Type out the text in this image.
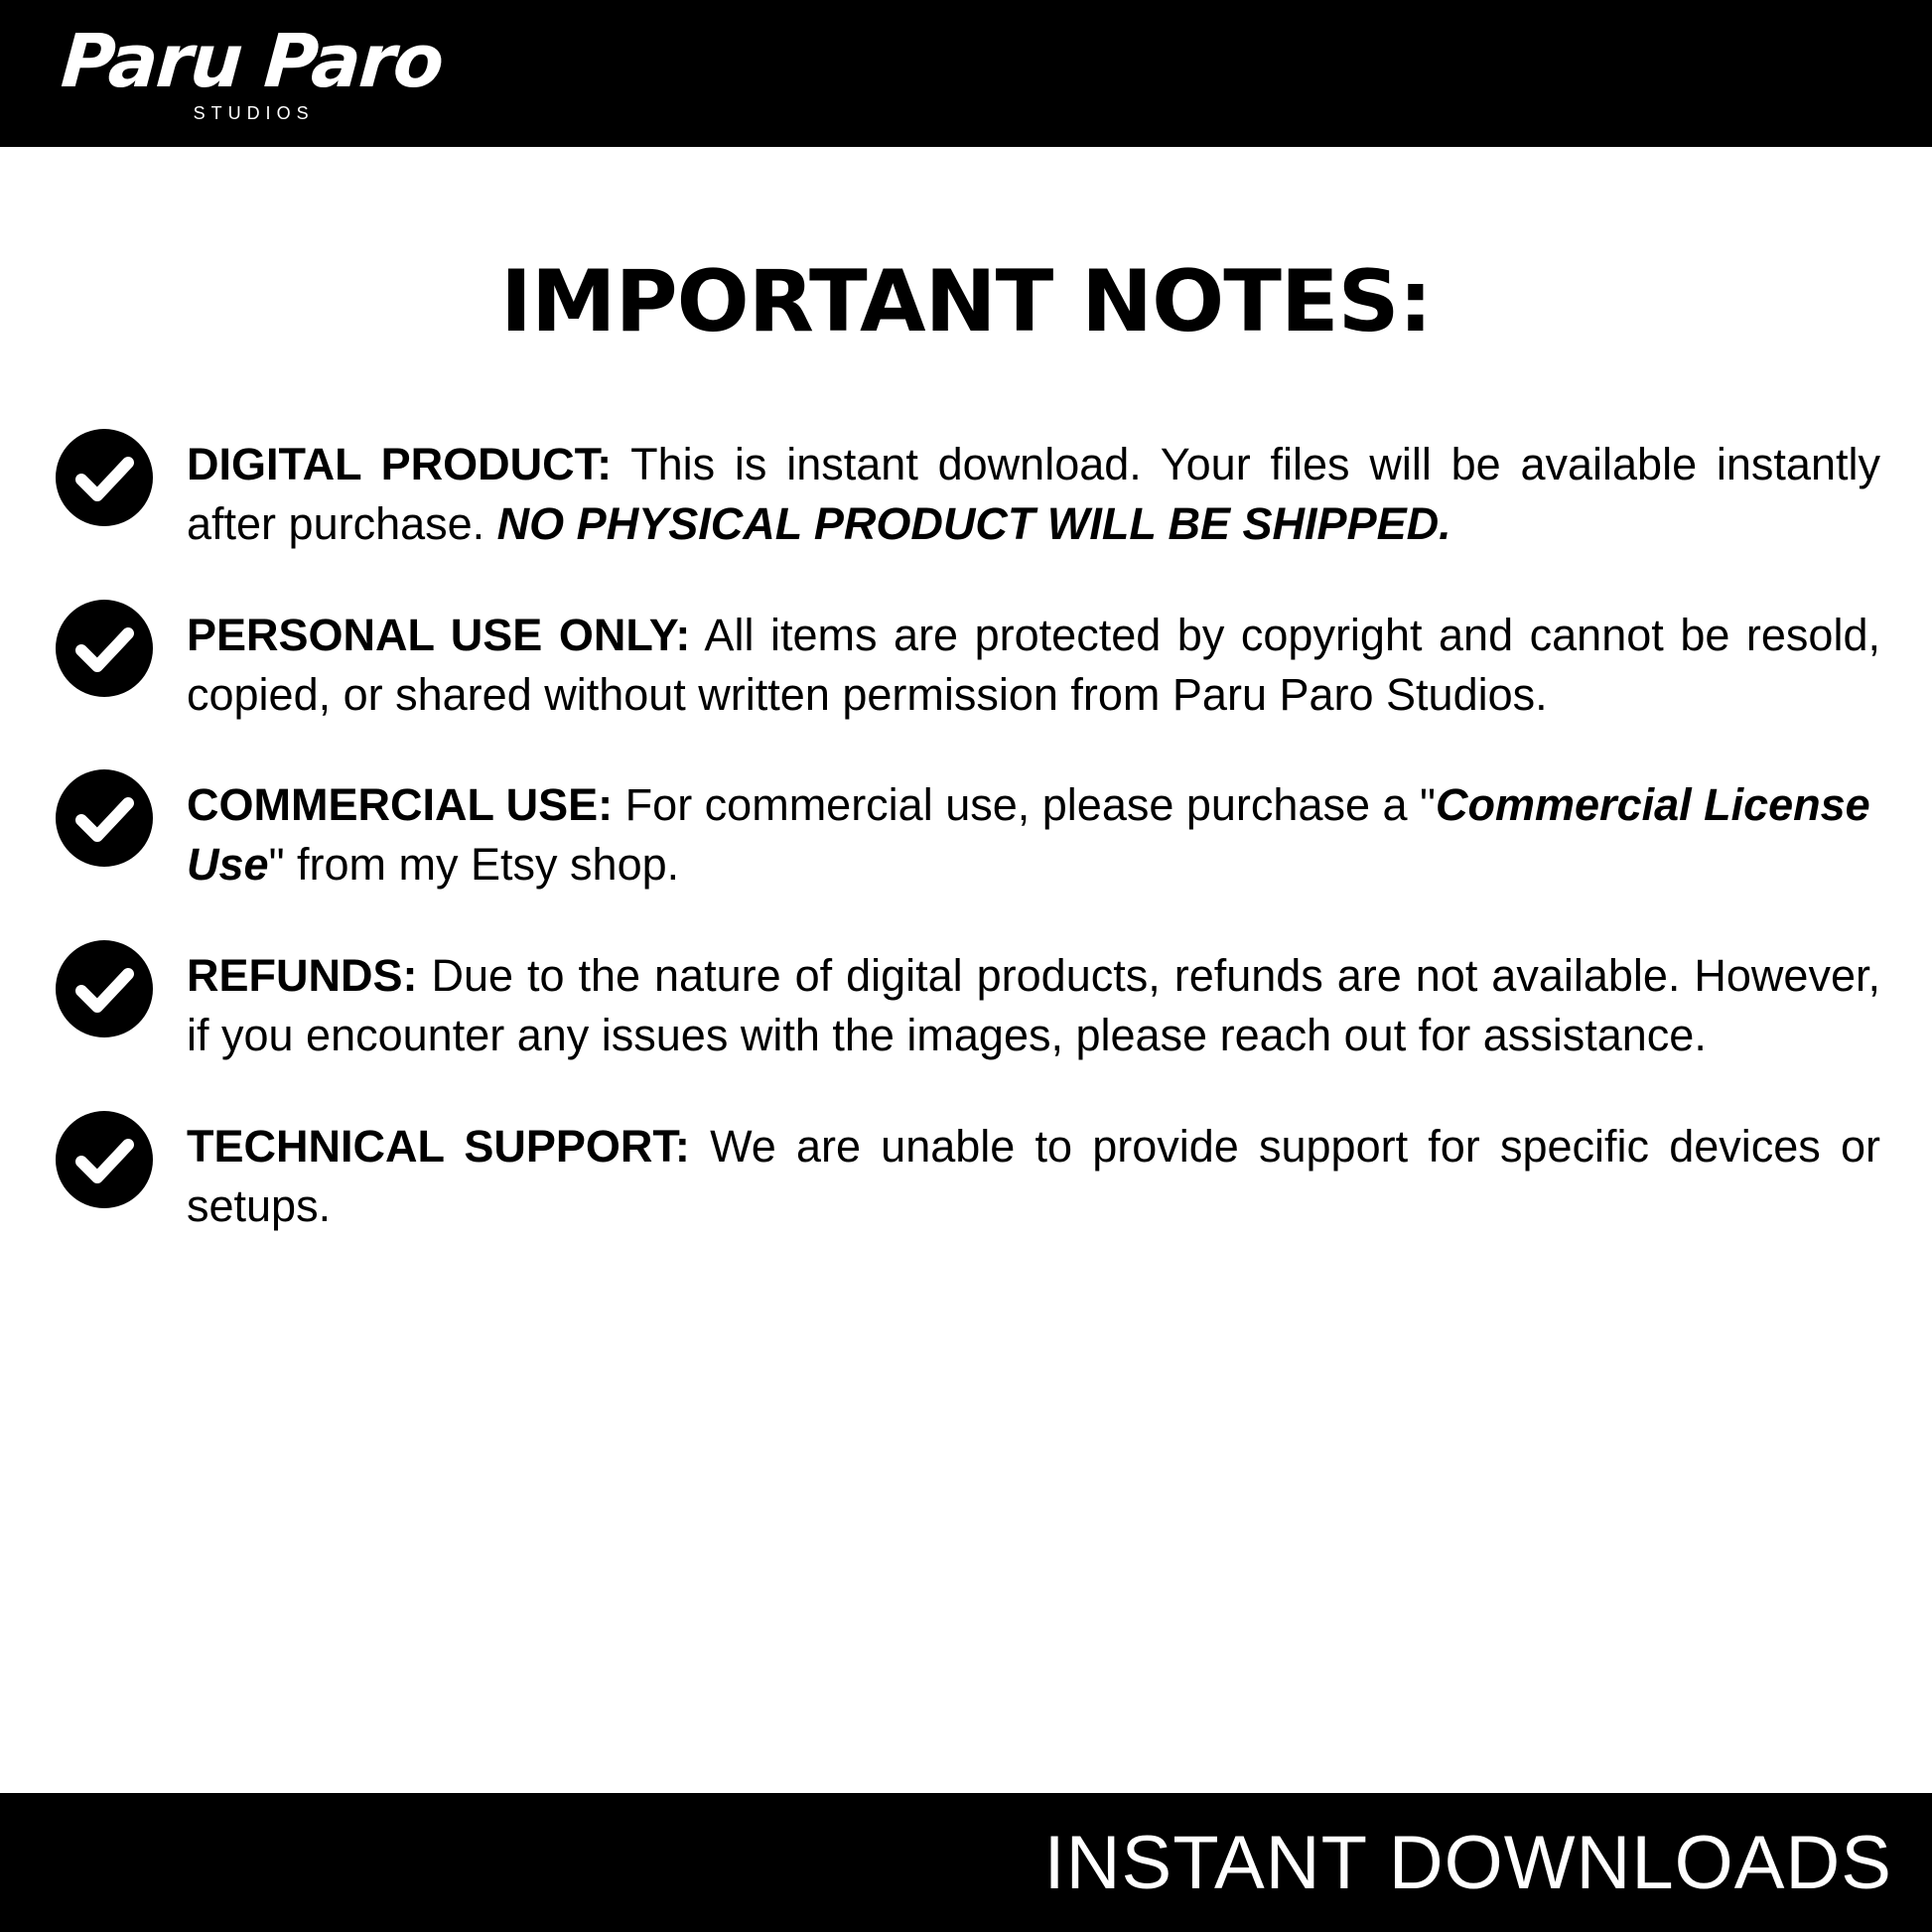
Paru Paro
STUDIOS
IMPORTANT NOTES:
DIGITAL PRODUCT: This is instant download. Your files will be available instantly after purchase. NO PHYSICAL PRODUCT WILL BE SHIPPED.
PERSONAL USE ONLY: All items are protected by copyright and cannot be resold, copied, or shared without written permission from Paru Paro Studios.
COMMERCIAL USE: For commercial use, please purchase a "Commercial License Use" from my Etsy shop.
REFUNDS: Due to the nature of digital products, refunds are not available. However, if you encounter any issues with the images, please reach out for assistance.
TECHNICAL SUPPORT: We are unable to provide support for specific devices or setups.
INSTANT DOWNLOADS
